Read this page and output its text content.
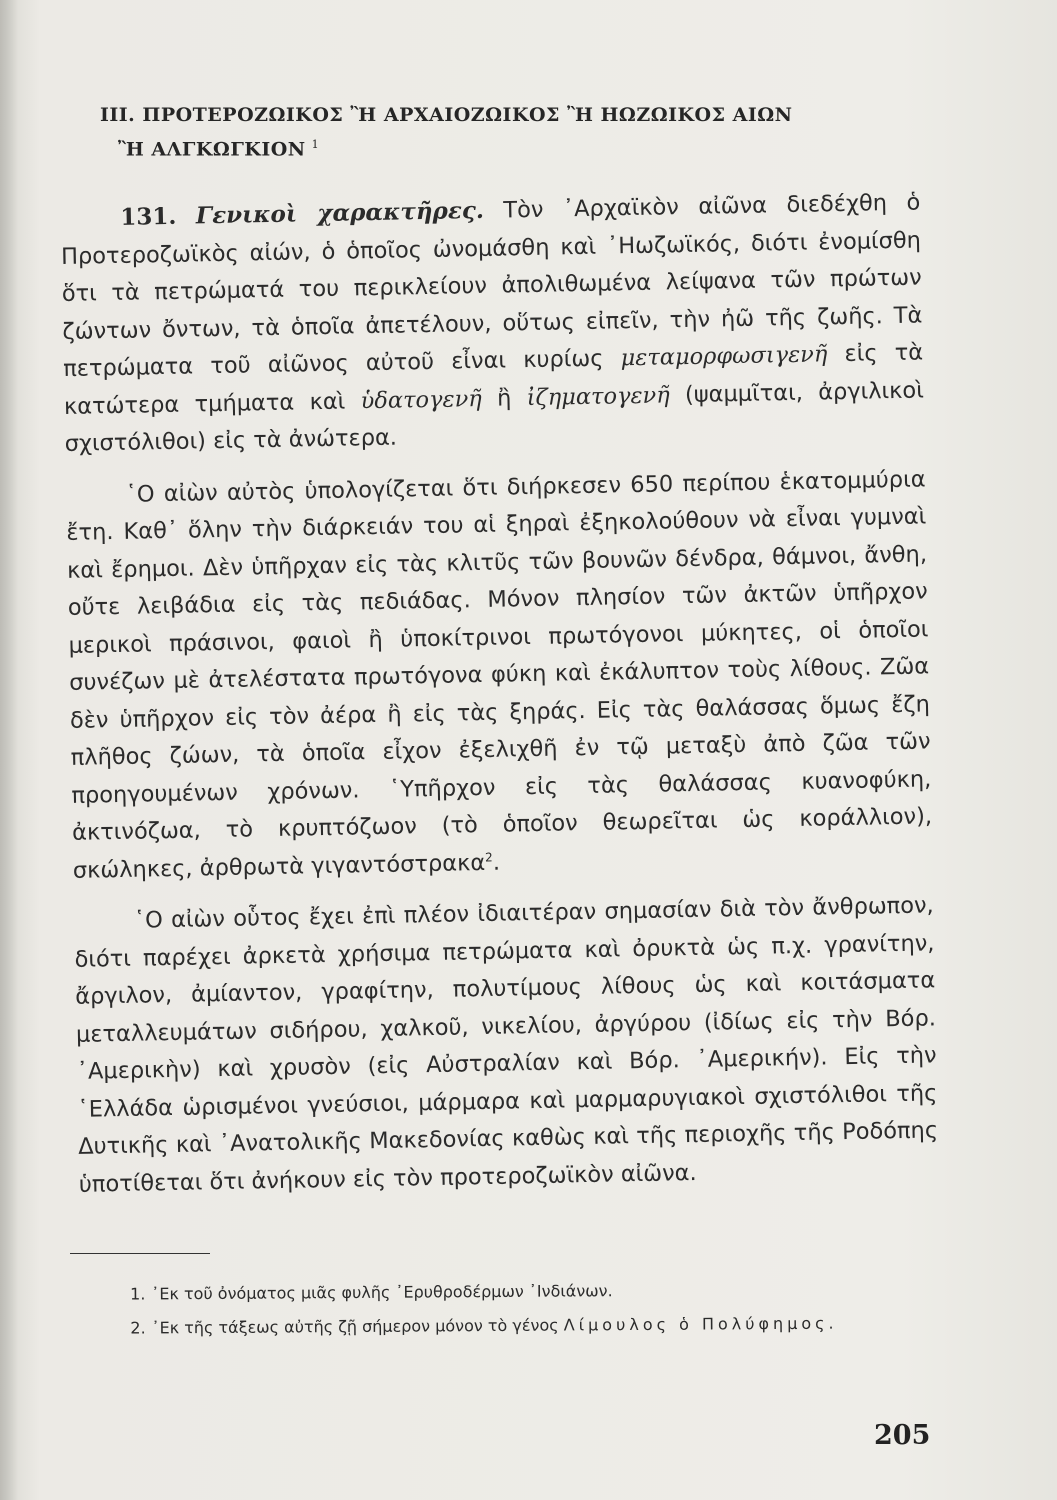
III. ΠΡΟΤΕΡΟΖΩΙΚΟΣ Ἢ ΑΡΧΑΙΟΖΩΙΚΟΣ Ἢ ΗΩΖΩΙΚΟΣ ΑΙΩΝ
Ἢ ΑΛΓΚΩΓΚΙΟΝ $^1$

131. Γενικοὶ χαρακτῆρες. Τὸν ᾿Αρχαϊκὸν αἰῶνα διεδέχθη ὁ Προτεροζωϊκὸς αἰών, ὁ ὁποῖος ὠνομάσθη καὶ ᾿Ηωζωϊκός, διότι ἐνομίσθη ὅτι τὰ πετρώματά του περικλείουν ἀπολιθωμένα λείψανα τῶν πρώτων ζώντων ὄντων, τὰ ὁποῖα ἀπετέλουν, οὕτως εἰπεῖν, τὴν ἠῶ τῆς ζωῆς. Τὰ πετρώματα τοῦ αἰῶνος αὐτοῦ εἶναι κυρίως μεταμορφωσιγενῆ εἰς τὰ κατώτερα τμήματα καὶ ὑδατογενῆ ἢ ἰζηματογενῆ (ψαμμῖται, ἀργιλικοὶ σχιστόλιθοι) εἰς τὰ ἀνώτερα.

῾Ο αἰὼν αὐτὸς ὑπολογίζεται ὅτι διήρκεσεν 650 περίπου ἑκατομμύρια ἔτη. Καθ᾿ ὅλην τὴν διάρκειάν του αἱ ξηραὶ ἐξηκολούθουν νὰ εἶναι γυμναὶ καὶ ἔρημοι. Δὲν ὑπῆρχαν εἰς τὰς κλιτῦς τῶν βουνῶν δένδρα, θάμνοι, ἄνθη, οὔτε λειβάδια εἰς τὰς πεδιάδας. Μόνον πλησίον τῶν ἀκτῶν ὑπῆρχον μερικοὶ πράσινοι, φαιοὶ ἢ ὑποκίτρινοι πρωτόγονοι μύκητες, οἱ ὁποῖοι συνέζων μὲ ἀτελέστατα πρωτόγονα φύκη καὶ ἐκάλυπτον τοὺς λίθους. Ζῶα δὲν ὑπῆρχον εἰς τὸν ἀέρα ἢ εἰς τὰς ξηράς. Εἰς τὰς θαλάσσας ὅμως ἔζη πλῆθος ζώων, τὰ ὁποῖα εἶχον ἐξελιχθῆ ἐν τῷ μεταξὺ ἀπὸ ζῶα τῶν προηγουμένων χρόνων. ῾Υπῆρχον εἰς τὰς θαλάσσας κυανοφύκη, ἀκτινόζωα, τὸ κρυπτόζωον (τὸ ὁποῖον θεωρεῖται ὡς κοράλλιον), σκώληκες, ἀρθρωτὰ γιγαντόστρακα$^2$.

῾Ο αἰὼν οὗτος ἔχει ἐπὶ πλέον ἰδιαιτέραν σημασίαν διὰ τὸν ἄνθρωπον, διότι παρέχει ἀρκετὰ χρήσιμα πετρώματα καὶ ὀρυκτὰ ὡς π.χ. γρανίτην, ἄργιλον, ἀμίαντον, γραφίτην, πολυτίμους λίθους ὡς καὶ κοιτάσματα μεταλλευμάτων σιδήρου, χαλκοῦ, νικελίου, ἀργύρου (ἰδίως εἰς τὴν Βόρ. ᾿Αμερικὴν) καὶ χρυσὸν (εἰς Αὐστραλίαν καὶ Βόρ. ᾿Αμερικήν). Εἰς τὴν ῾Ελλάδα ὡρισμένοι γνεύσιοι, μάρμαρα καὶ μαρμαρυγιακοὶ σχιστόλιθοι τῆς Δυτικῆς καὶ ᾿Ανατολικῆς Μακεδονίας καθὼς καὶ τῆς περιοχῆς τῆς Ροδόπης ὑποτίθεται ὅτι ἀνήκουν εἰς τὸν προτεροζωϊκὸν αἰῶνα.

1. ᾿Εκ τοῦ ὀνόματος μιᾶς φυλῆς ᾿Ερυθροδέρμων ᾿Ινδιάνων.

2. ᾿Εκ τῆς τάξεως αὐτῆς ζῇ σήμερον μόνον τὸ γένος Λίμουλος ὁ Πολύφημος.

205
